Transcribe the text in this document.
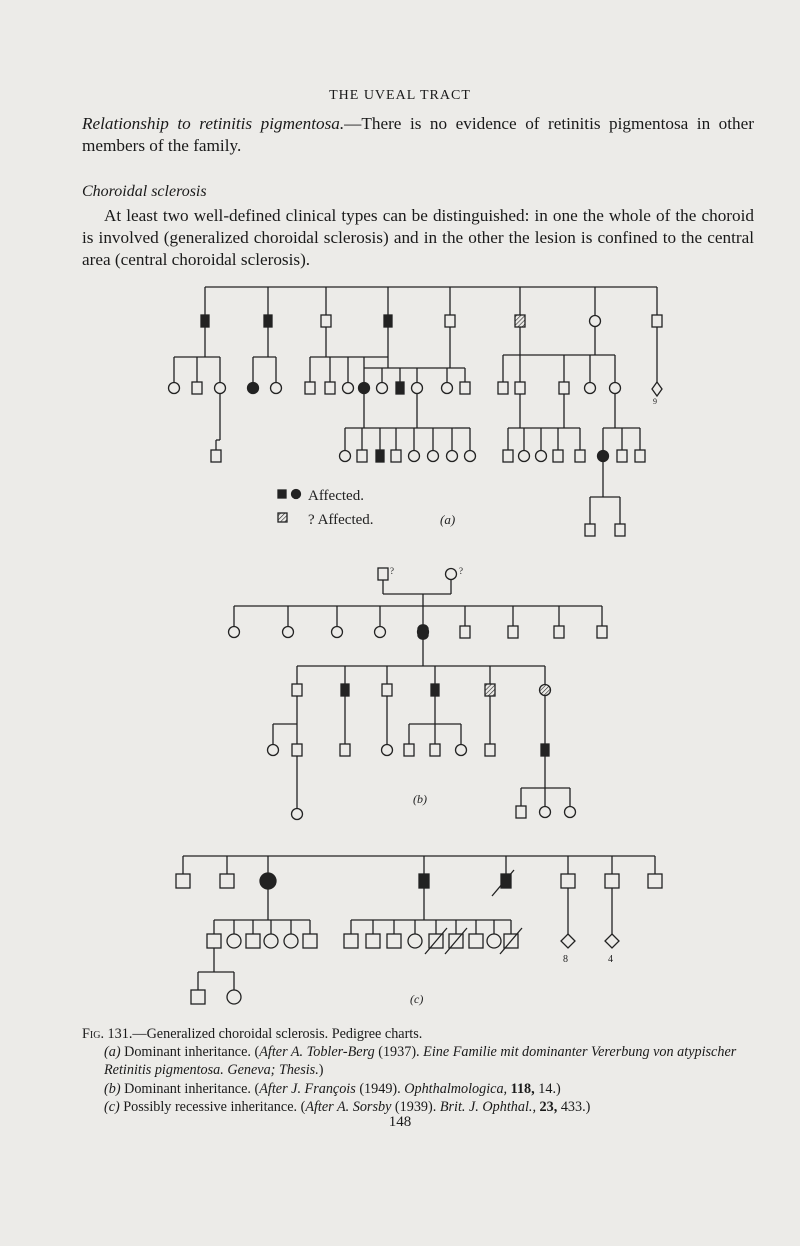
THE UVEAL TRACT
Relationship to retinitis pigmentosa.—There is no evidence of retinitis pigmentosa in other members of the family.
Choroidal sclerosis
At least two well-defined clinical types can be distinguished: in one the whole of the choroid is involved (generalized choroidal sclerosis) and in the other the lesion is confined to the central area (central choroidal sclerosis).
9
Affected.
? Affected.	(a)
?	?
(b)
8	4
(c)
Fig. 131.—Generalized choroidal sclerosis. Pedigree charts.
(a) Dominant inheritance. (After A. Tobler-Berg (1937). Eine Familie mit dominanter Vererbung von atypischer Retinitis pigmentosa. Geneva; Thesis.)
(b) Dominant inheritance. (After J. François (1949). Ophthalmologica, 118, 14.)
(c) Possibly recessive inheritance. (After A. Sorsby (1939). Brit. J. Ophthal., 23, 433.)
148
